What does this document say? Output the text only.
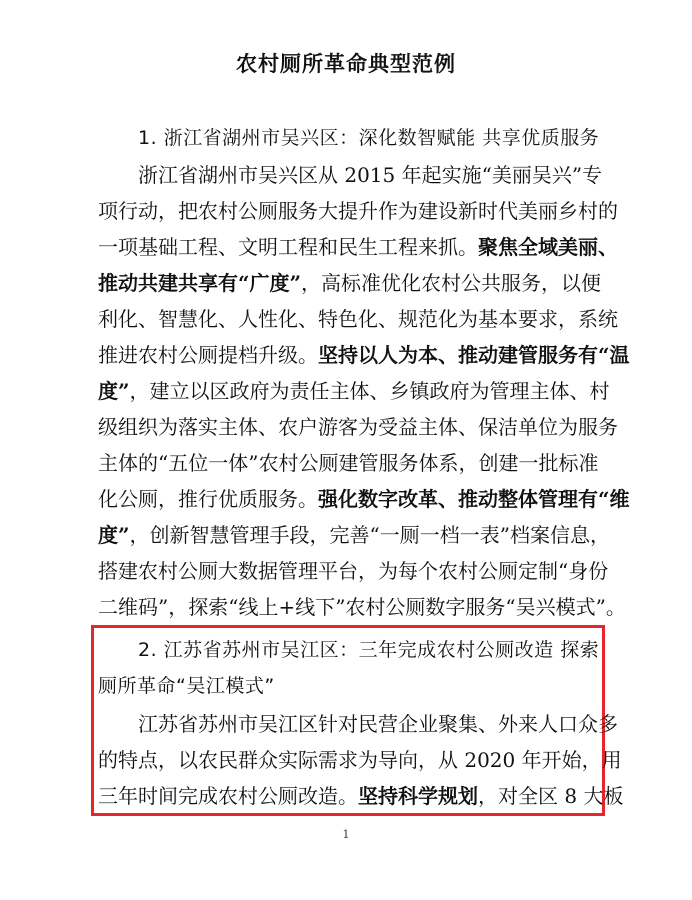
农村厕所革命典型范例
1. 浙江省湖州市吴兴区：深化数智赋能 共享优质服务
浙江省湖州市吴兴区从 2015 年起实施“美丽吴兴”专
项行动，把农村公厕服务大提升作为建设新时代美丽乡村的
一项基础工程、文明工程和民生工程来抓。聚焦全域美丽、
推动共建共享有“广度”，高标准优化农村公共服务，以便
利化、智慧化、人性化、特色化、规范化为基本要求，系统
推进农村公厕提档升级。坚持以人为本、推动建管服务有“温
度”，建立以区政府为责任主体、乡镇政府为管理主体、村
级组织为落实主体、农户游客为受益主体、保洁单位为服务
主体的“五位一体”农村公厕建管服务体系，创建一批标准
化公厕，推行优质服务。强化数字改革、推动整体管理有“维
度”，创新智慧管理手段，完善“一厕一档一表”档案信息，
搭建农村公厕大数据管理平台，为每个农村公厕定制“身份
二维码”，探索“线上+线下”农村公厕数字服务“吴兴模式”。
2. 江苏省苏州市吴江区：三年完成农村公厕改造 探索
厕所革命“吴江模式”
江苏省苏州市吴江区针对民营企业聚集、外来人口众多
的特点，以农民群众实际需求为导向，从 2020 年开始，用
三年时间完成农村公厕改造。坚持科学规划，对全区 8 大板
1
